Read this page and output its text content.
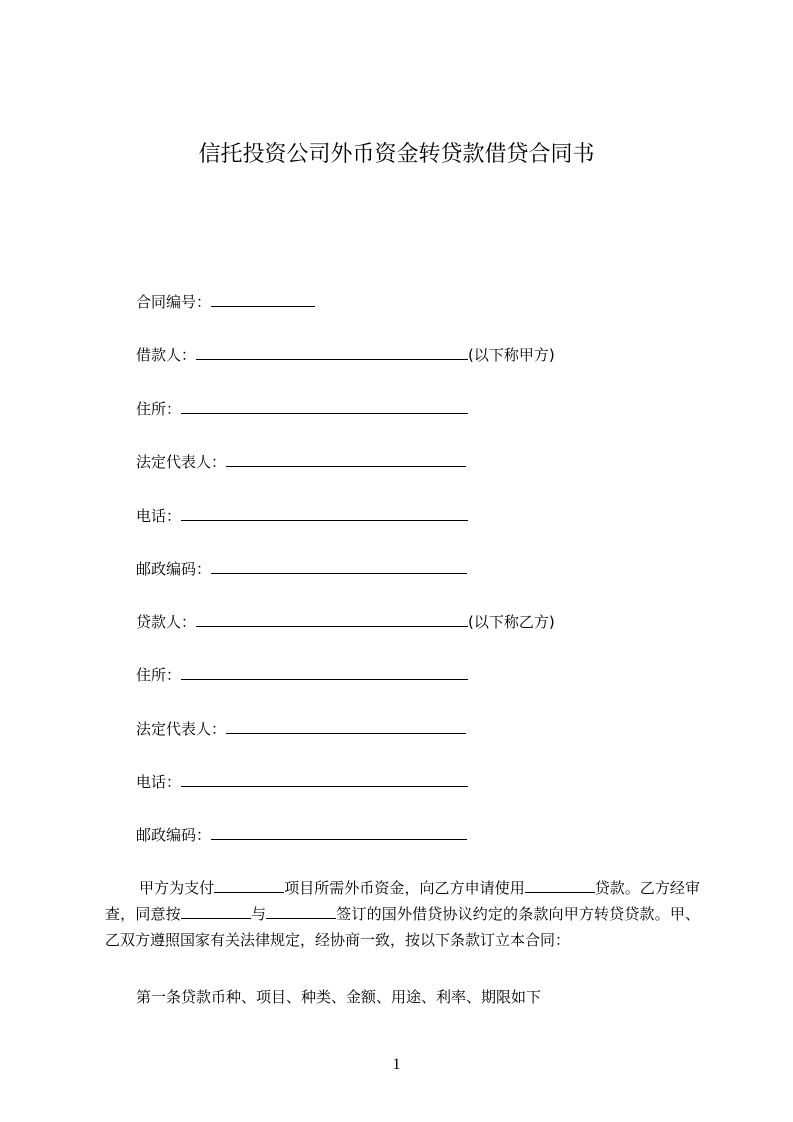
信托投资公司外币资金转贷款借贷合同书
合同编号：
借款人：	(以下称甲方)
住所：
法定代表人：
电话：
邮政编码：
贷款人：	(以下称乙方)
住所：
法定代表人：
电话：
邮政编码：
甲方为支付	项目所需外币资金，向乙方申请使用	贷款。乙方经审查，同意按	与	签订的国外借贷协议约定的条款向甲方转贷贷款。甲、乙双方遵照国家有关法律规定，经协商一致，按以下条款订立本合同：
第一条贷款币种、项目、种类、金额、用途、利率、期限如下
1
